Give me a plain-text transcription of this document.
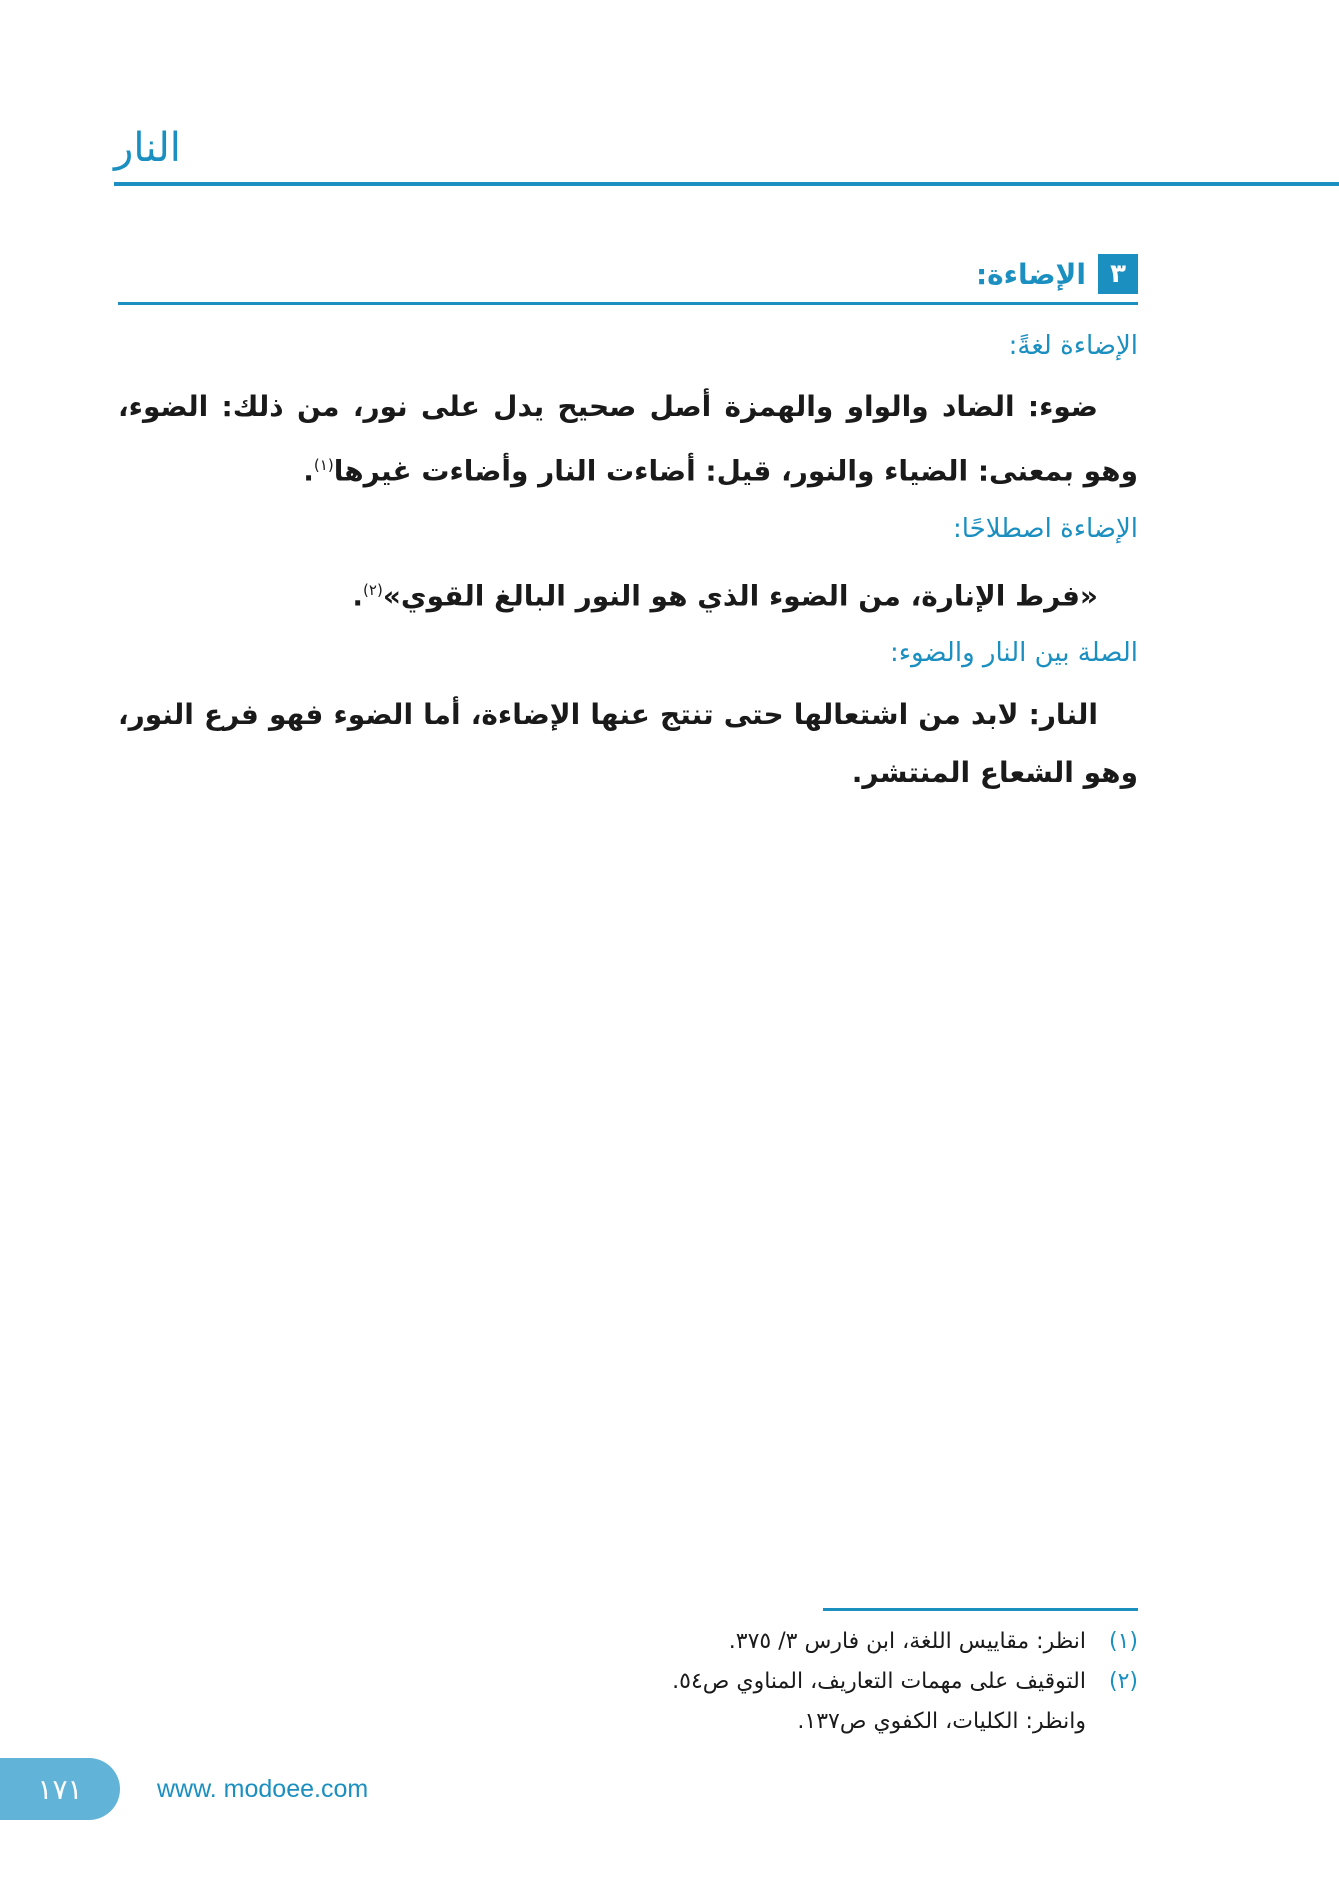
النار
٣
الإضاءة:
الإضاءة لغةً:

ضوء: الضاد والواو والهمزة أصل صحيح يدل على نور، من ذلك: الضوء، وهو بمعنى: الضياء والنور، قيل: أضاءت النار وأضاءت غيرها$^{(١)}$.

الإضاءة اصطلاحًا:

«فرط الإنارة، من الضوء الذي هو النور البالغ القوي»$^{(٢)}$.

الصلة بين النار والضوء:

النار: لابد من اشتعالها حتى تنتج عنها الإضاءة، أما الضوء فهو فرع النور، وهو الشعاع المنتشر.

(١)
انظر: مقاييس اللغة، ابن فارس ٣/ ٣٧٥.
(٢)
التوقيف على مهمات التعاريف، المناوي ص٥٤.
وانظر: الكليات، الكفوي ص١٣٧.
١٧١	www. modoee.com
